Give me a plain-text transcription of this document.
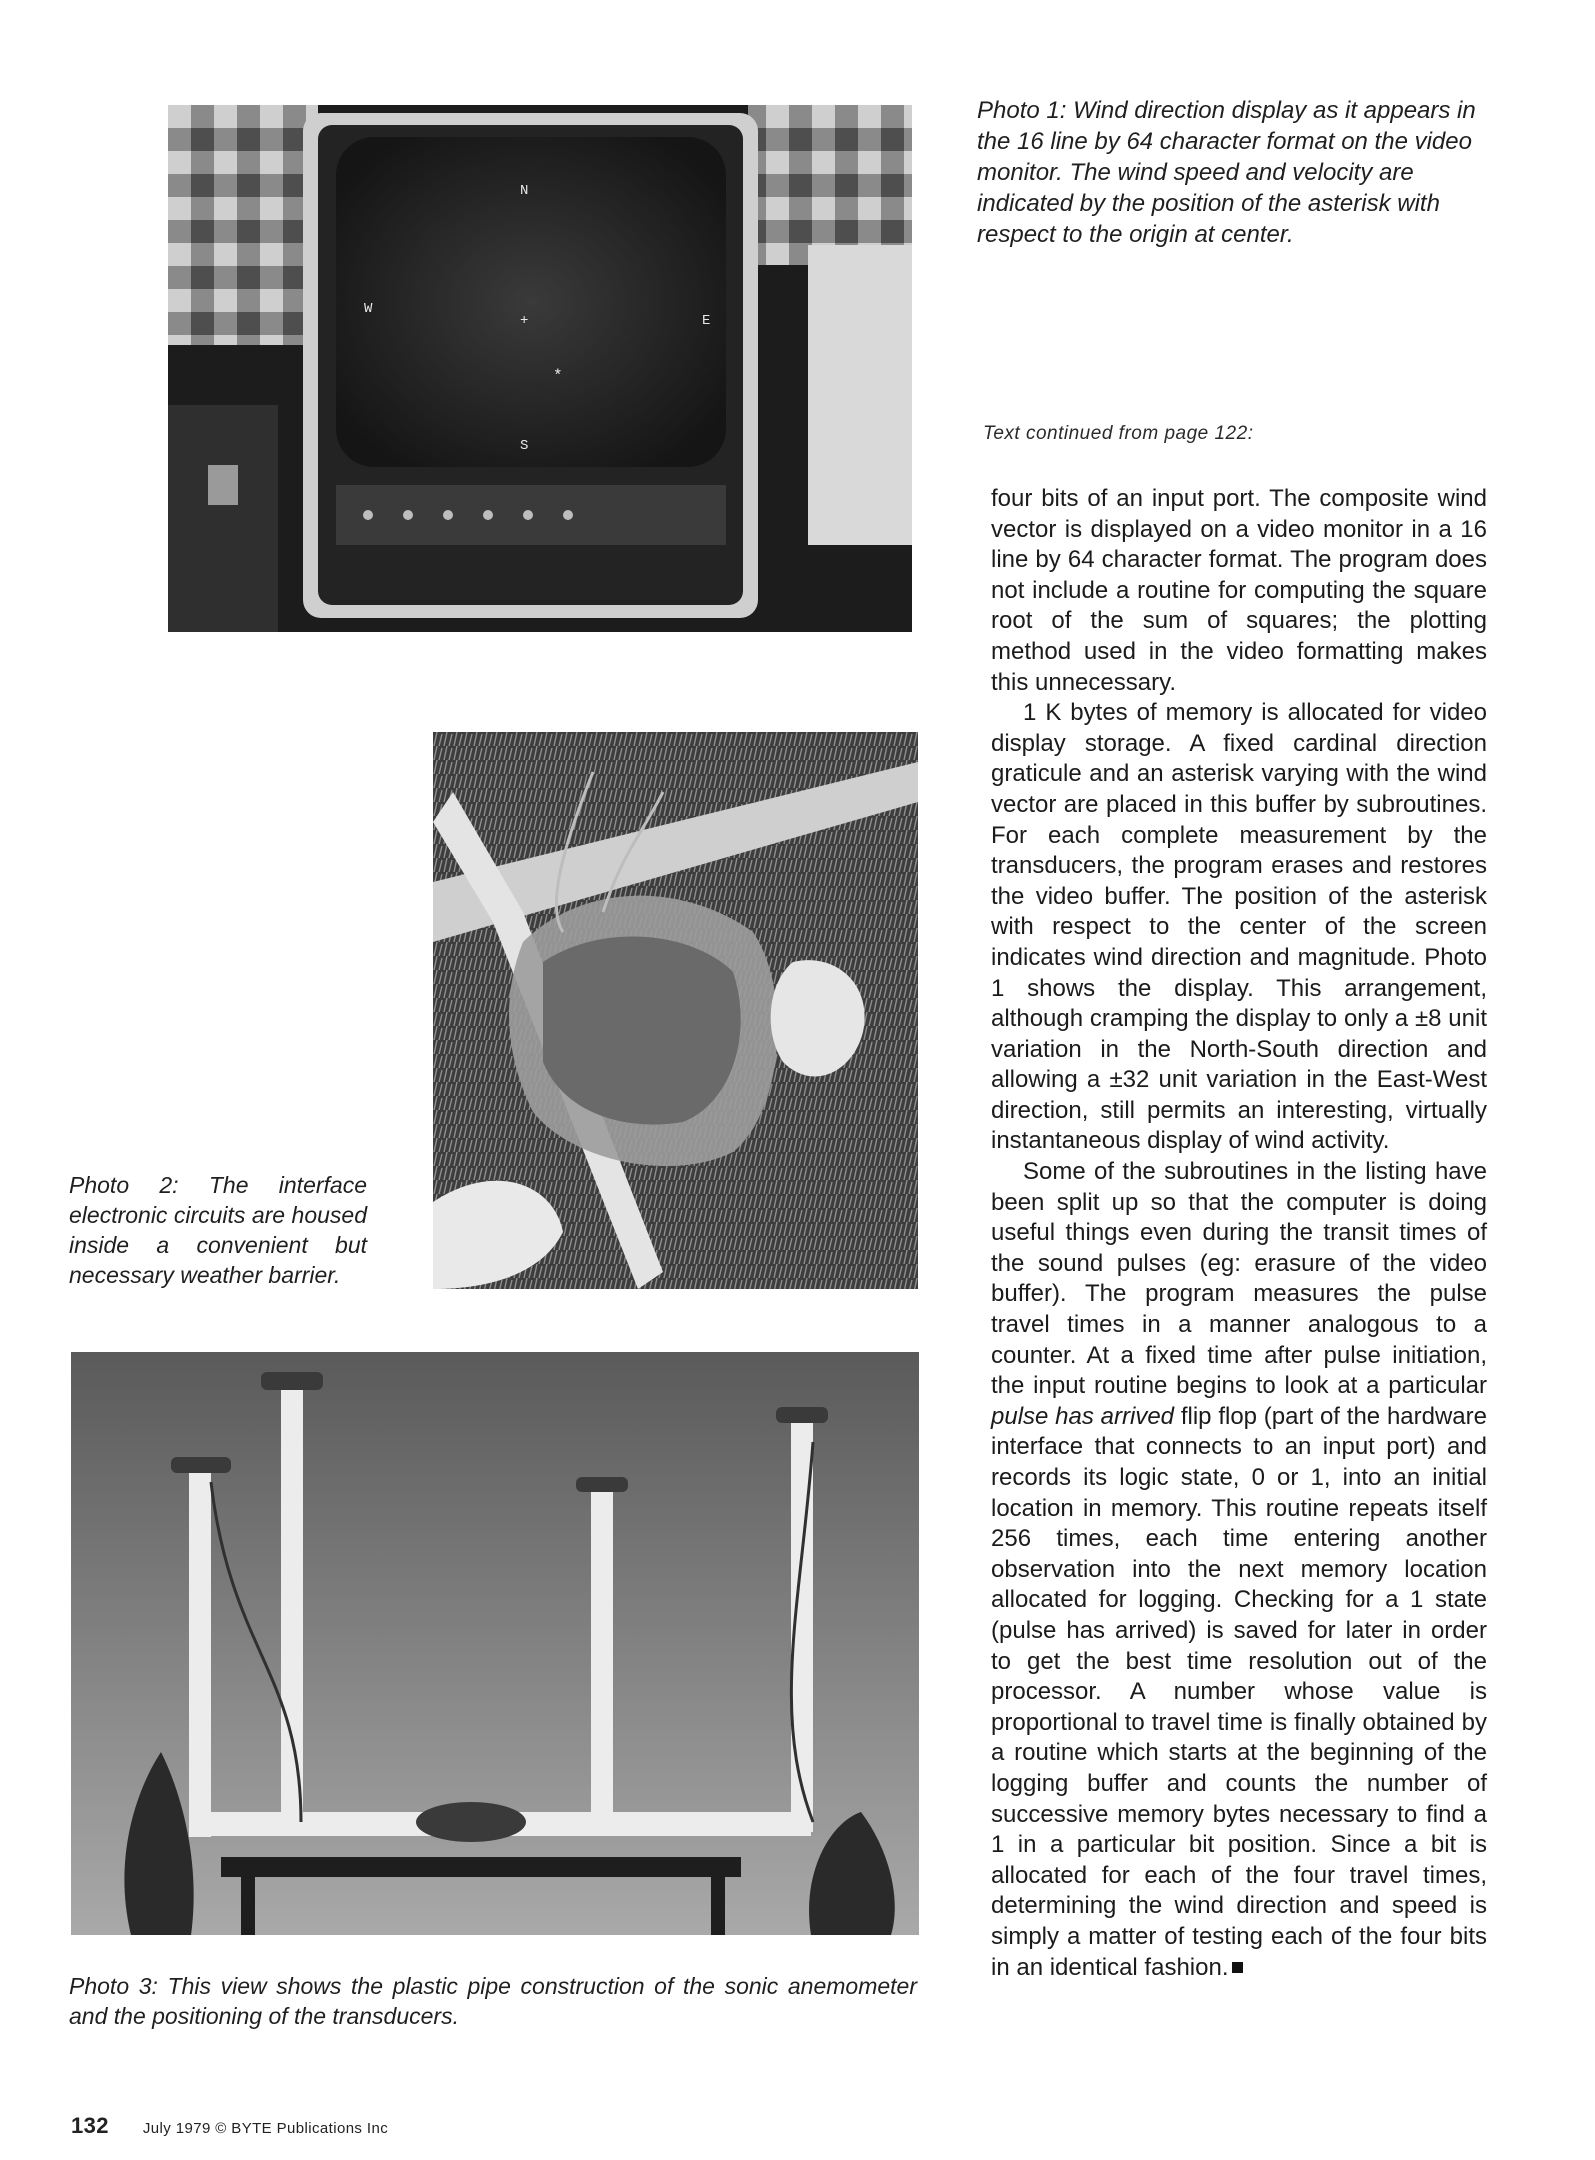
N
W
+	E
*
S
Photo 1: Wind direction display as it appears in the 16 line by 64 character format on the video monitor. The wind speed and velocity are indicated by the position of the asterisk with respect to the origin at center.
Text continued from page 122:
Photo 2: The interface electronic circuits are housed inside a convenient but necessary weather barrier.
Photo 3: This view shows the plastic pipe construction of the sonic anemometer and the positioning of the transducers.

four bits of an input port. The composite wind vector is displayed on a video monitor in a 16 line by 64 character format. The program does not include a routine for computing the square root of the sum of squares; the plotting method used in the video formatting makes this unnecessary.

1 K bytes of memory is allocated for video display storage. A fixed cardinal direction graticule and an asterisk varying with the wind vector are placed in this buffer by subroutines. For each complete measurement by the transducers, the program erases and restores the video buffer. The position of the asterisk with respect to the center of the screen indicates wind direction and magnitude. Photo 1 shows the display. This arrangement, although cramping the display to only a ±8 unit variation in the North-South direction and allowing a ±32 unit variation in the East-West direction, still permits an interesting, virtually instantaneous display of wind activity.

Some of the subroutines in the listing have been split up so that the computer is doing useful things even during the transit times of the sound pulses (eg: erasure of the video buffer). The program measures the pulse travel times in a manner analogous to a counter. At a fixed time after pulse initiation, the input routine begins to look at a particular pulse has arrived flip flop (part of the hardware interface that connects to an input port) and records its logic state, 0 or 1, into an initial location in memory. This routine repeats itself 256 times, each time entering another observation into the next memory location allocated for logging. Checking for a 1 state (pulse has arrived) is saved for later in order to get the best time resolution out of the processor. A number whose value is proportional to travel time is finally obtained by a routine which starts at the beginning of the logging buffer and counts the number of successive memory bytes necessary to find a 1 in a particular bit position. Since a bit is allocated for each of the four travel times, determining the wind direction and speed is simply a matter of testing each of the four bits in an identical fashion.

132 July 1979 © BYTE Publications Inc
